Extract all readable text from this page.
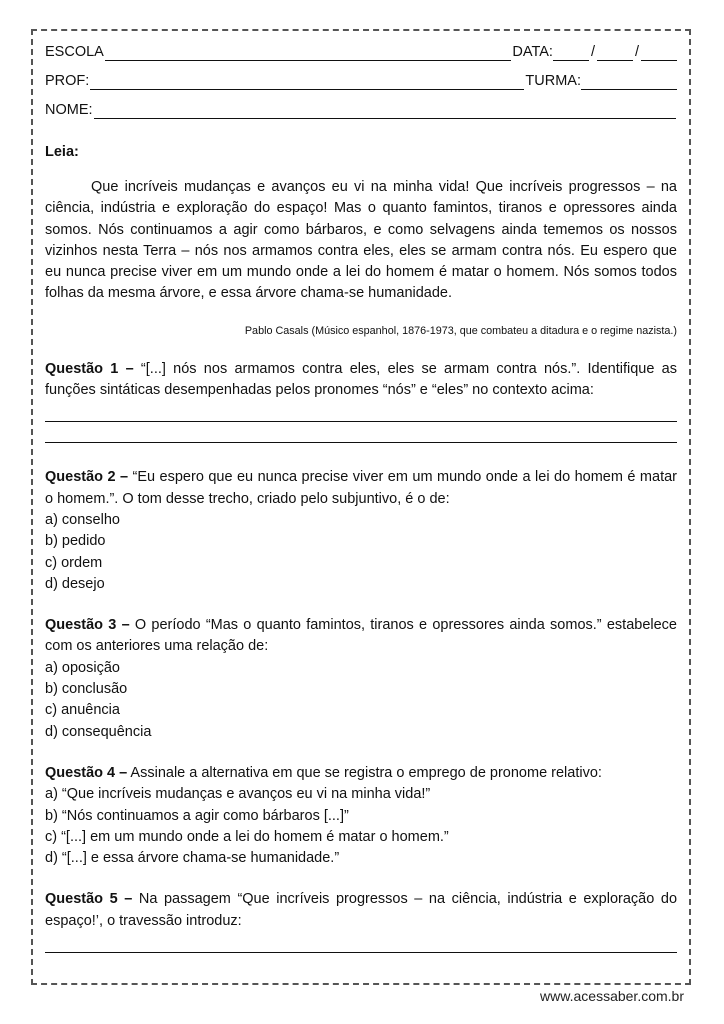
ESCOLA	DATA:	/	/
PROF:	TURMA:
NOME:
Leia:

Que incríveis mudanças e avanços eu vi na minha vida! Que incríveis progressos – na ciência, indústria e exploração do espaço! Mas o quanto famintos, tiranos e opressores ainda somos. Nós continuamos a agir como bárbaros, e como selvagens ainda tememos os nossos vizinhos nesta Terra – nós nos armamos contra eles, eles se armam contra nós. Eu espero que eu nunca precise viver em um mundo onde a lei do homem é matar o homem. Nós somos todos folhas da mesma árvore, e essa árvore chama-se humanidade.

Pablo Casals (Músico espanhol, 1876-1973, que combateu a ditadura e o regime nazista.)

Questão 1 – “[...] nós nos armamos contra eles, eles se armam contra nós.”. Identifique as funções sintáticas desempenhadas pelos pronomes “nós” e “eles” no contexto acima:

Questão 2 – “Eu espero que eu nunca precise viver em um mundo onde a lei do homem é matar o homem.”. O tom desse trecho, criado pelo subjuntivo, é o de:

a) conselho
b) pedido
c) ordem
d) desejo

Questão 3 – O período “Mas o quanto famintos, tiranos e opressores ainda somos.” estabelece com os anteriores uma relação de:

a) oposição
b) conclusão
c) anuência
d) consequência

Questão 4 – Assinale a alternativa em que se registra o emprego de pronome relativo:

a) “Que incríveis mudanças e avanços eu vi na minha vida!”
b) “Nós continuamos a agir como bárbaros [...]”
c) “[...] em um mundo onde a lei do homem é matar o homem.”
d) “[...] e essa árvore chama-se humanidade.”

Questão 5 – Na passagem “Que incríveis progressos – na ciência, indústria e exploração do espaço!’, o travessão introduz:

www.acessaber.com.br
